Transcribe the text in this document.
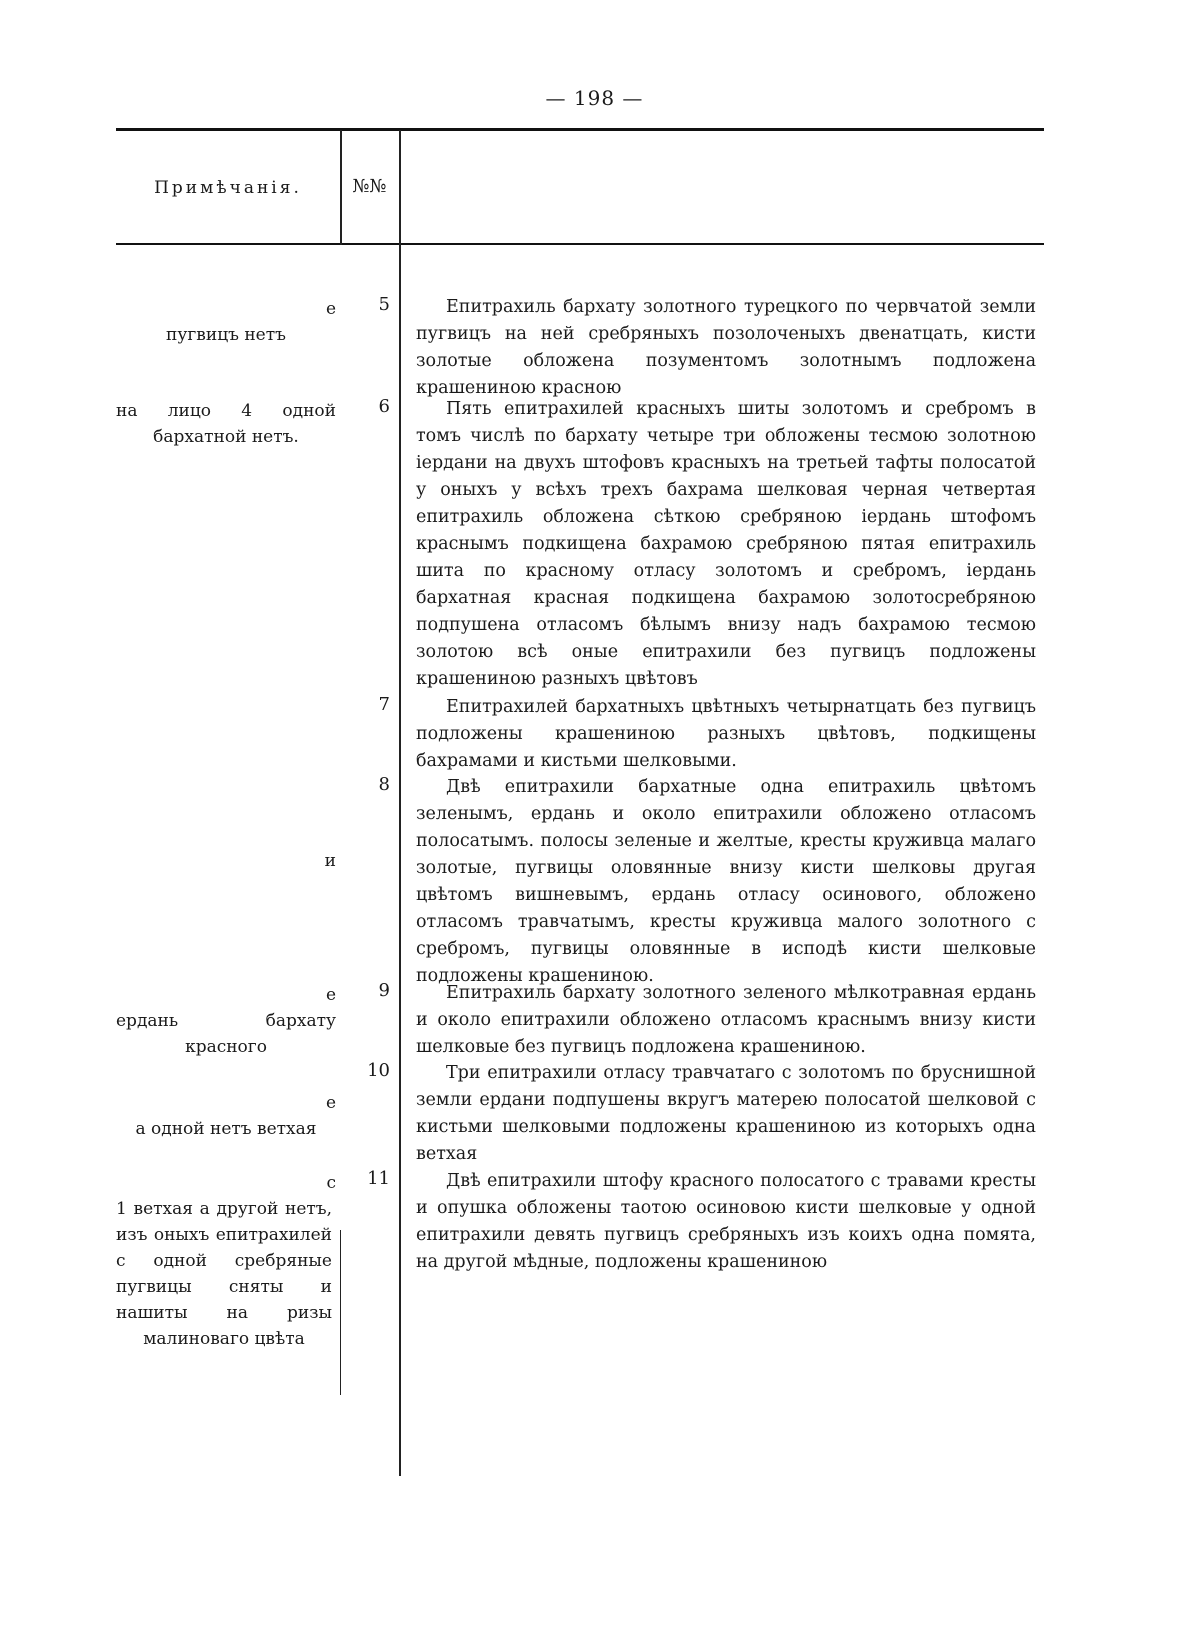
— 198 —
Примѣчанія.	№№
е
пугвицъ нетъ
на лицо 4 одной бархатной нетъ.
и
е
ердань бархату красного
е
а одной нетъ ветхая
с
1 ветхая а другой нетъ, изъ оныхъ епитрахилей с одной сребряные пугвицы сняты и нашиты на ризы малиноваго цвѣта
5
6
7
8
9
10
11
Епитрахиль бархату золотного турецкого по червчатой земли пугвицъ на ней сребряныхъ позолоченыхъ двенатцать, кисти золотые обложена позументомъ золотнымъ подложена крашениною красною
Пять епитрахилей красныхъ шиты золотомъ и сребромъ в томъ числѣ по бархату четыре три обложены тесмою золотною іердани на двухъ штофовъ красныхъ на третьей тафты полосатой у оныхъ у всѣхъ трехъ бахрама шелковая черная четвертая епитрахиль обложена сѣткою сребряною іердань штофомъ краснымъ подкищена бахрамою сребряною пятая епитрахиль шита по красному отласу золотомъ и сребромъ, іердань бархатная красная подкищена бахрамою золотосребряною подпушена отласомъ бѣлымъ внизу надъ бахрамою тесмою золотою всѣ оные епитрахили без пугвицъ подложены крашениною разныхъ цвѣтовъ
Епитрахилей бархатныхъ цвѣтныхъ четырнатцать без пугвицъ подложены крашениною разныхъ цвѣтовъ, подкищены бахрамами и кистьми шелковыми.
Двѣ епитрахили бархатные одна епитрахиль цвѣтомъ зеленымъ, ердань и около епитрахили обложено отласомъ полосатымъ. полосы зеленые и желтые, кресты круживца малаго золотые, пугвицы оловянные внизу кисти шелковы другая цвѣтомъ вишневымъ, ердань отласу осинового, обложено отласомъ травчатымъ, кресты круживца малого золотного с сребромъ, пугвицы оловянные в исподѣ кисти шелковые подложены крашениною.
Епитрахиль бархату золотного зеленого мѣлкотравная ердань и около епитрахили обложено отласомъ краснымъ внизу кисти шелковые без пугвицъ подложена крашениною.
Три епитрахили отласу травчатаго с золотомъ по бруснишной земли ердани подпушены вкругъ матерею полосатой шелковой с кистьми шелковыми подложены крашениною из которыхъ одна ветхая
Двѣ епитрахили штофу красного полосатого с травами кресты и опушка обложены таотою осиновою кисти шелковые у одной епитрахили девять пугвицъ сребряныхъ изъ коихъ одна помята, на другой мѣдные, подложены крашениною
